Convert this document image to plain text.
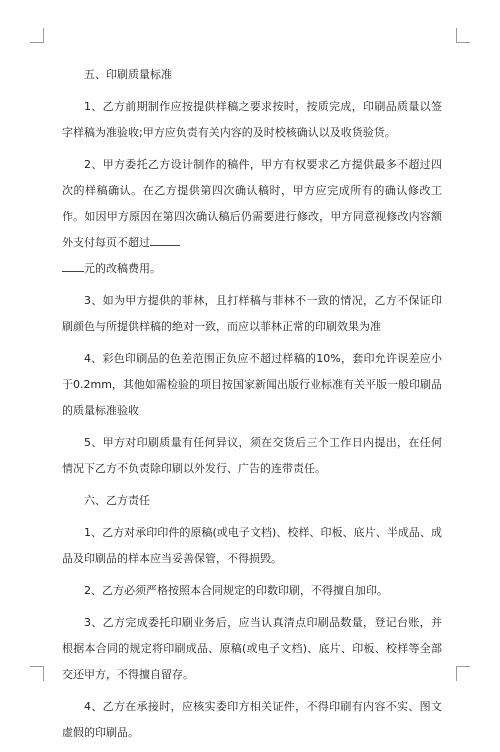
五、印刷质量标准

1、乙方前期制作应按提供样稿之要求按时，按质完成，印刷品质量以签字样稿为准验收;甲方应负责有关内容的及时校核确认以及收货验货。

2、甲方委托乙方设计制作的稿件，甲方有权要求乙方提供最多不超过四次的样稿确认。在乙方提供第四次确认稿时，甲方应完成所有的确认修改工作。如因甲方原因在第四次确认稿后仍需要进行修改，甲方同意视修改内容额外支付每页不超过
元的改稿费用。

3、如为甲方提供的菲林，且打样稿与菲林不一致的情况，乙方不保证印刷颜色与所提供样稿的绝对一致，而应以菲林正常的印刷效果为准

4、彩色印刷品的色差范围正负应不超过样稿的10%，套印允许误差应小于0.2mm，其他如需检验的项目按国家新闻出版行业标准有关平版一般印刷品的质量标准验收

5、甲方对印刷质量有任何异议，须在交货后三个工作日内提出，在任何情况下乙方不负责除印刷以外发行、广告的连带责任。

六、乙方责任

1、乙方对承印印件的原稿(或电子文档)、校样、印板、底片、半成品、成品及印刷品的样本应当妥善保管，不得损毁。

2、乙方必须严格按照本合同规定的印数印刷，不得擅自加印。

3、乙方完成委托印刷业务后，应当认真清点印刷品数量，登记台账，并根据本合同的规定将印刷成品、原稿(或电子文档)、底片、印板、校样等全部交还甲方，不得擅自留存。

4、乙方在承接时，应核实委印方相关证件，不得印刷有内容不实、图文虚假的印刷品。
